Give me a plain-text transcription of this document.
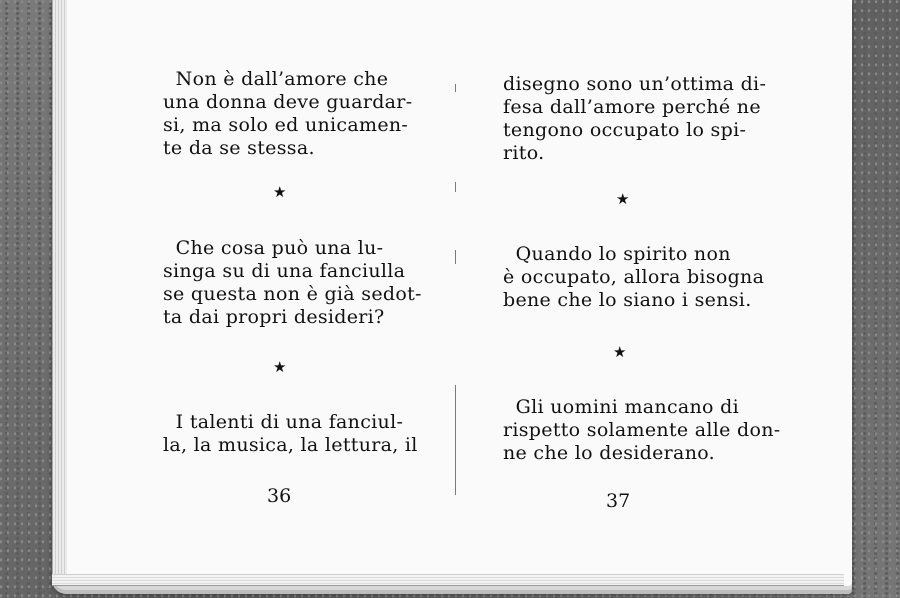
Non è dall’amore che
una donna deve guardar-
si, ma solo ed unicamen-
te da se stessa.
★
Che cosa può una lu-
singa su di una fanciulla
se questa non è già sedot-
ta dai propri desideri?
★
I talenti di una fanciul-
la, la musica, la lettura, il
36
disegno sono un’ottima di-
fesa dall’amore perché ne
tengono occupato lo spi-
rito.
★
Quando lo spirito non
è occupato, allora bisogna
bene che lo siano i sensi.
★
Gli uomini mancano di
rispetto solamente alle don-
ne che lo desiderano.
37
